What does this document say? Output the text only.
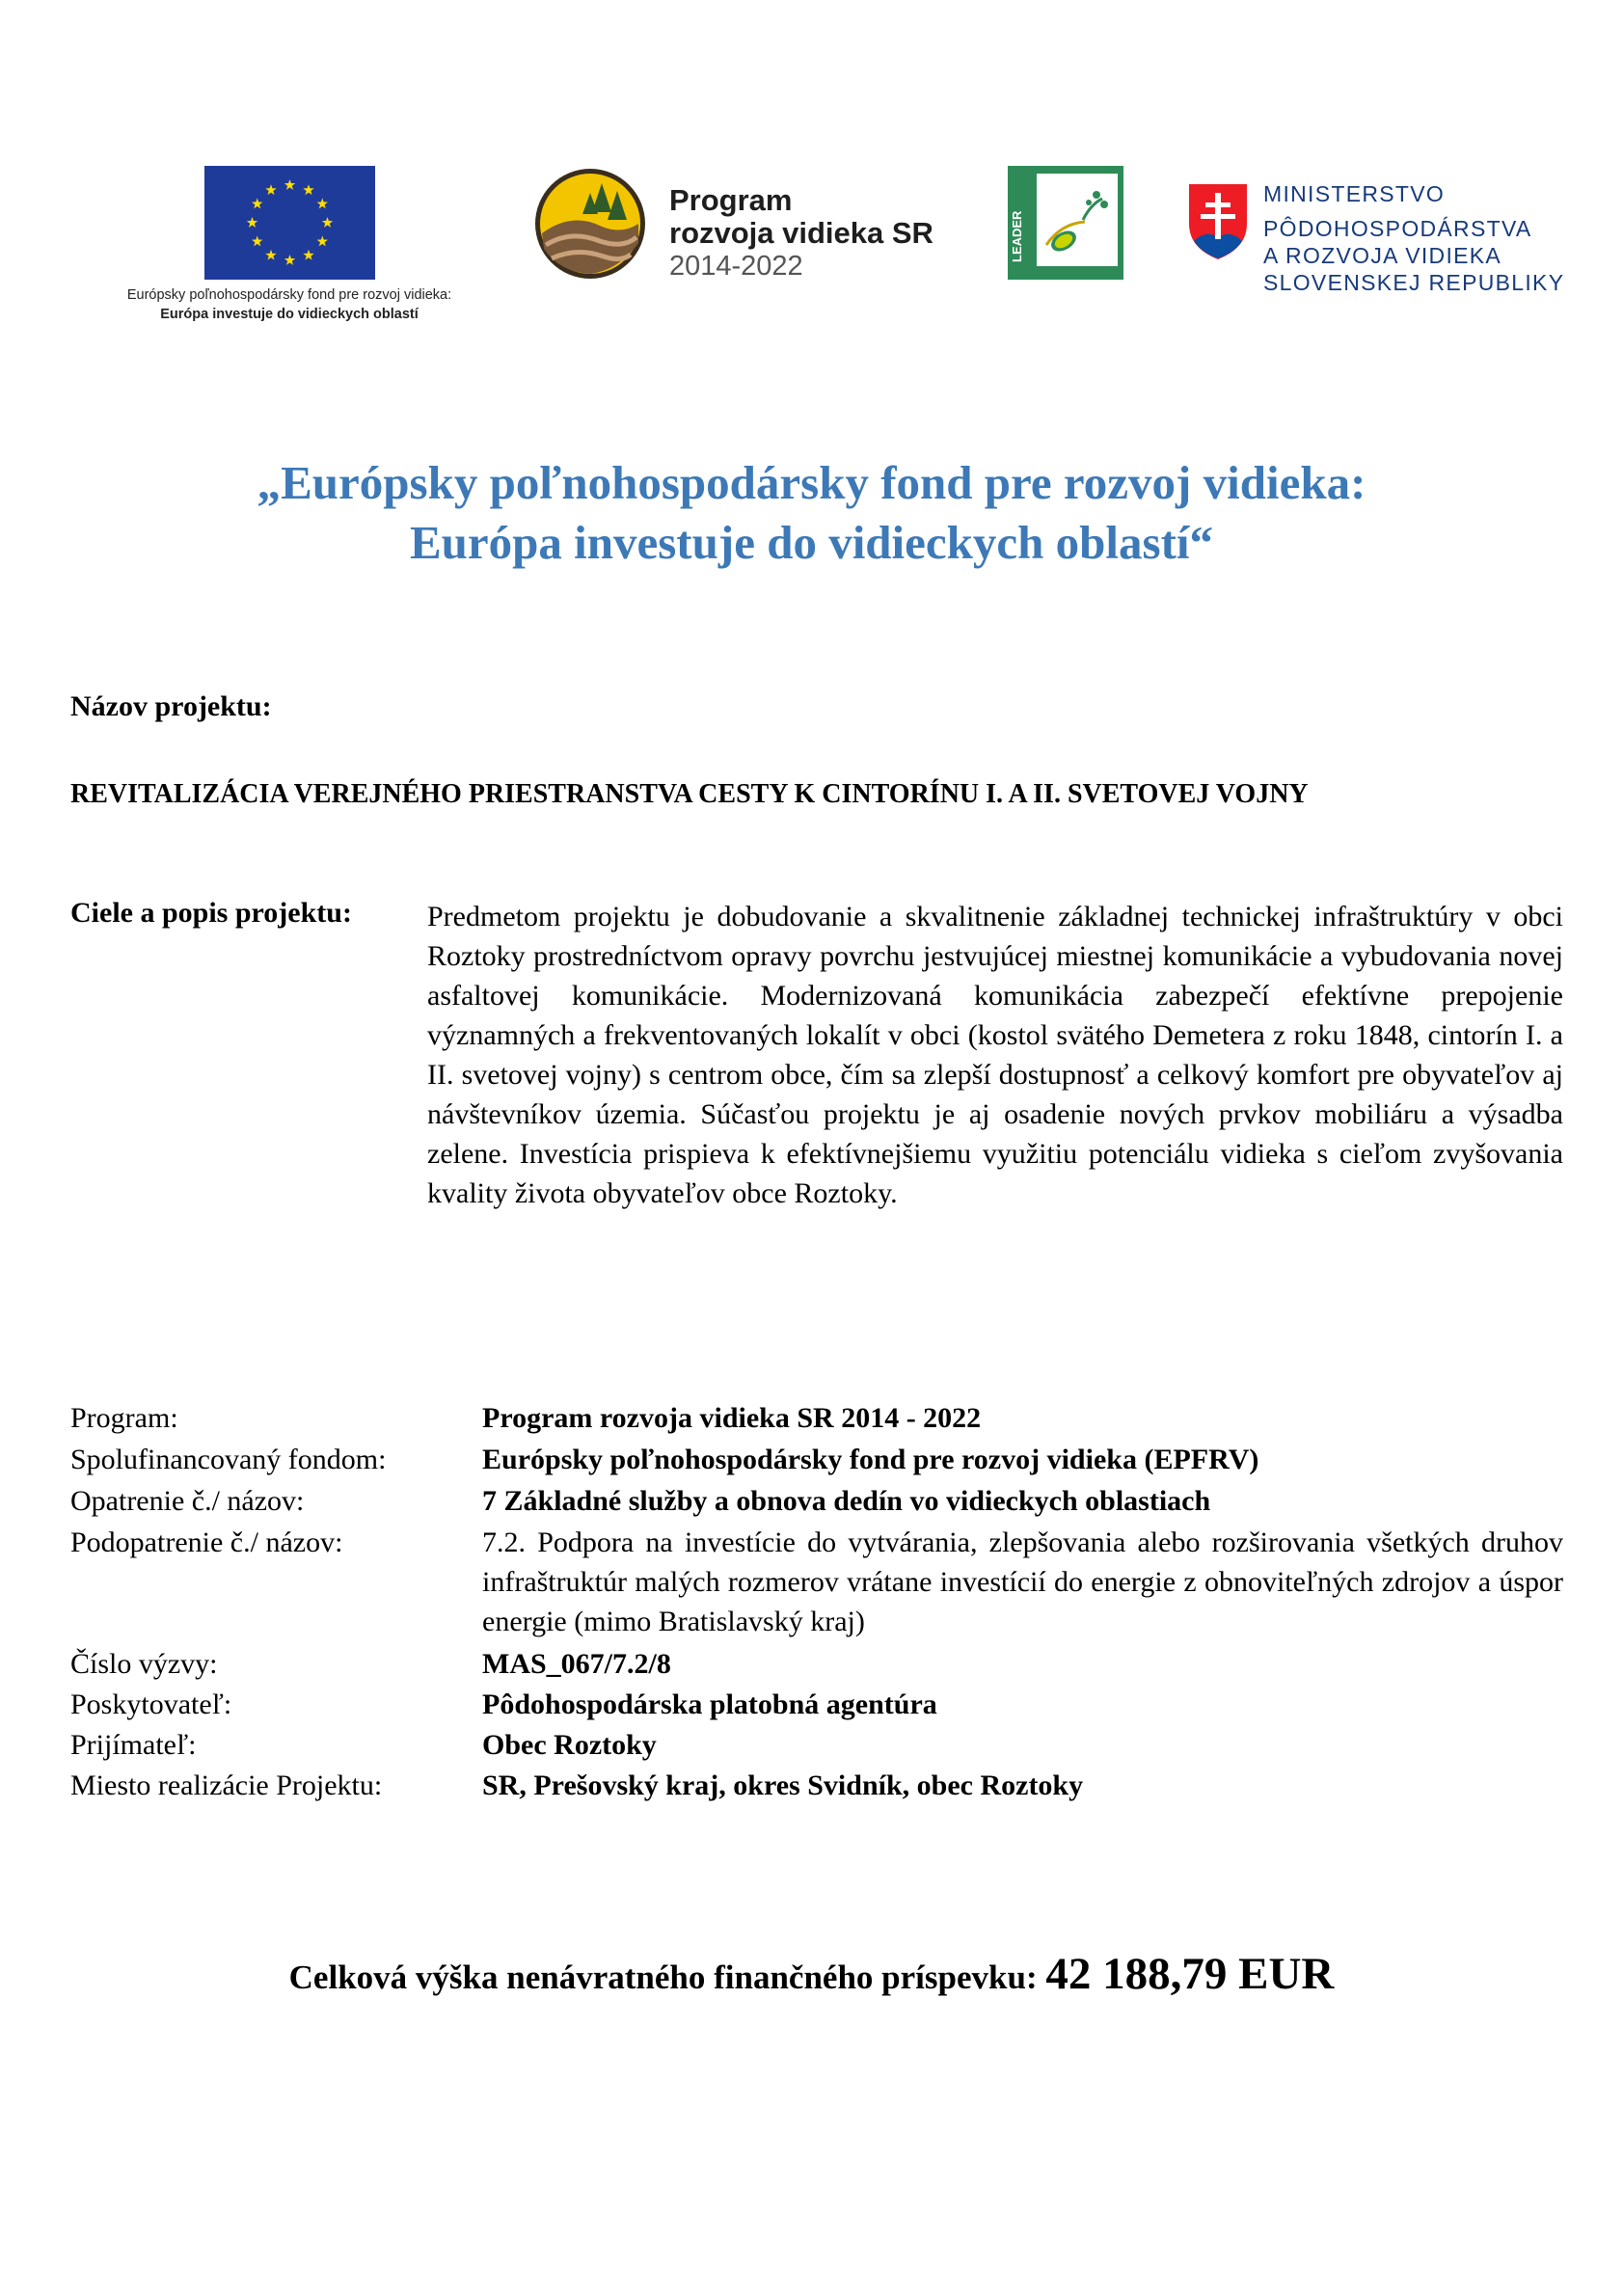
Európsky poľnohospodársky fond pre rozvoj vidieka:
Európa investuje do vidieckych oblastí
Program
rozvoja vidieka SR
2014-2022
LEADER
MINISTERSTVO
PÔDOHOSPODÁRSTVA
A ROZVOJA VIDIEKA
SLOVENSKEJ REPUBLIKY
„Európsky poľnohospodársky fond pre rozvoj vidieka:
Európa investuje do vidieckych oblastí“
Názov projektu:
REVITALIZÁCIA VEREJNÉHO PRIESTRANSTVA CESTY K CINTORÍNU I. A II. SVETOVEJ VOJNY
Ciele a popis projektu:	Predmetom projektu je dobudovanie a skvalitnenie základnej technickej infraštruktúry v obci Roztoky prostredníctvom opravy povrchu jestvujúcej miestnej komunikácie a vybudovania novej asfaltovej komunikácie. Modernizovaná komunikácia zabezpečí efektívne prepojenie významných a frekventovaných lokalít v obci (kostol svätého Demetera z roku 1848, cintorín I. a II. svetovej vojny) s centrom obce, čím sa zlepší dostupnosť a celkový komfort pre obyvateľov aj návštevníkov územia. Súčasťou projektu je aj osadenie nových prvkov mobiliáru a výsadba zelene. Investícia prispieva k efektívnejšiemu využitiu potenciálu vidieka s cieľom zvyšovania kvality života obyvateľov obce Roztoky.
Program:	Program rozvoja vidieka SR 2014 - 2022
Spolufinancovaný fondom:	Európsky poľnohospodársky fond pre rozvoj vidieka (EPFRV)
Opatrenie č./ názov:	7 Základné služby a obnova dedín vo vidieckych oblastiach
Podopatrenie č./ názov:	7.2. Podpora na investície do vytvárania, zlepšovania alebo rozširovania všetkých druhov infraštruktúr malých rozmerov vrátane investícií do energie z obnoviteľných zdrojov a úspor energie (mimo Bratislavský kraj)
Číslo výzvy:	MAS_067/7.2/8
Poskytovateľ:	Pôdohospodárska platobná agentúra
Prijímateľ:	Obec Roztoky
Miesto realizácie Projektu:	SR, Prešovský kraj, okres Svidník, obec Roztoky
Celková výška nenávratného finančného príspevku: 42 188,79 EUR
